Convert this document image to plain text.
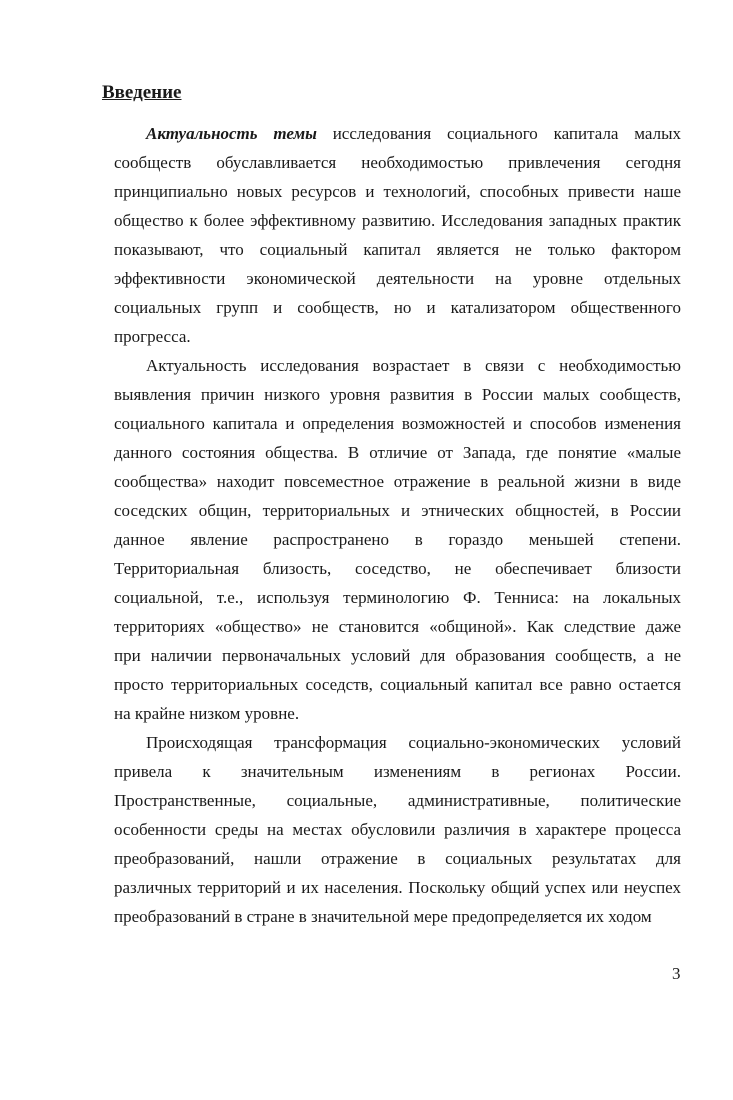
Введение
Актуальность темы исследования социального капитала малых
сообществ обуславливается необходимостью привлечения сегодня
принципиально новых ресурсов и технологий, способных привести наше
общество к более эффективному развитию. Исследования западных практик
показывают, что социальный капитал является не только фактором
эффективности экономической деятельности на уровне отдельных
социальных групп и сообществ, но и катализатором общественного
прогресса.
Актуальность исследования возрастает в связи с необходимостью
выявления причин низкого уровня развития в России малых сообществ,
социального капитала и определения возможностей и способов изменения
данного состояния общества. В отличие от Запада, где понятие «малые
сообщества» находит повсеместное отражение в реальной жизни в виде
соседских общин, территориальных и этнических общностей, в России
данное явление распространено в гораздо меньшей степени.
Территориальная близость, соседство, не обеспечивает близости
социальной, т.е., используя терминологию Ф. Тенниса: на локальных
территориях «общество» не становится «общиной». Как следствие даже
при наличии первоначальных условий для образования сообществ, а не
просто территориальных соседств, социальный капитал все равно остается
на крайне низком уровне.
Происходящая трансформация социально-экономических условий
привела к значительным изменениям в регионах России.
Пространственные, социальные, административные, политические
особенности среды на местах обусловили различия в характере процесса
преобразований, нашли отражение в социальных результатах для
различных территорий и их населения. Поскольку общий успех или неуспех
преобразований в стране в значительной мере предопределяется их ходом
3
